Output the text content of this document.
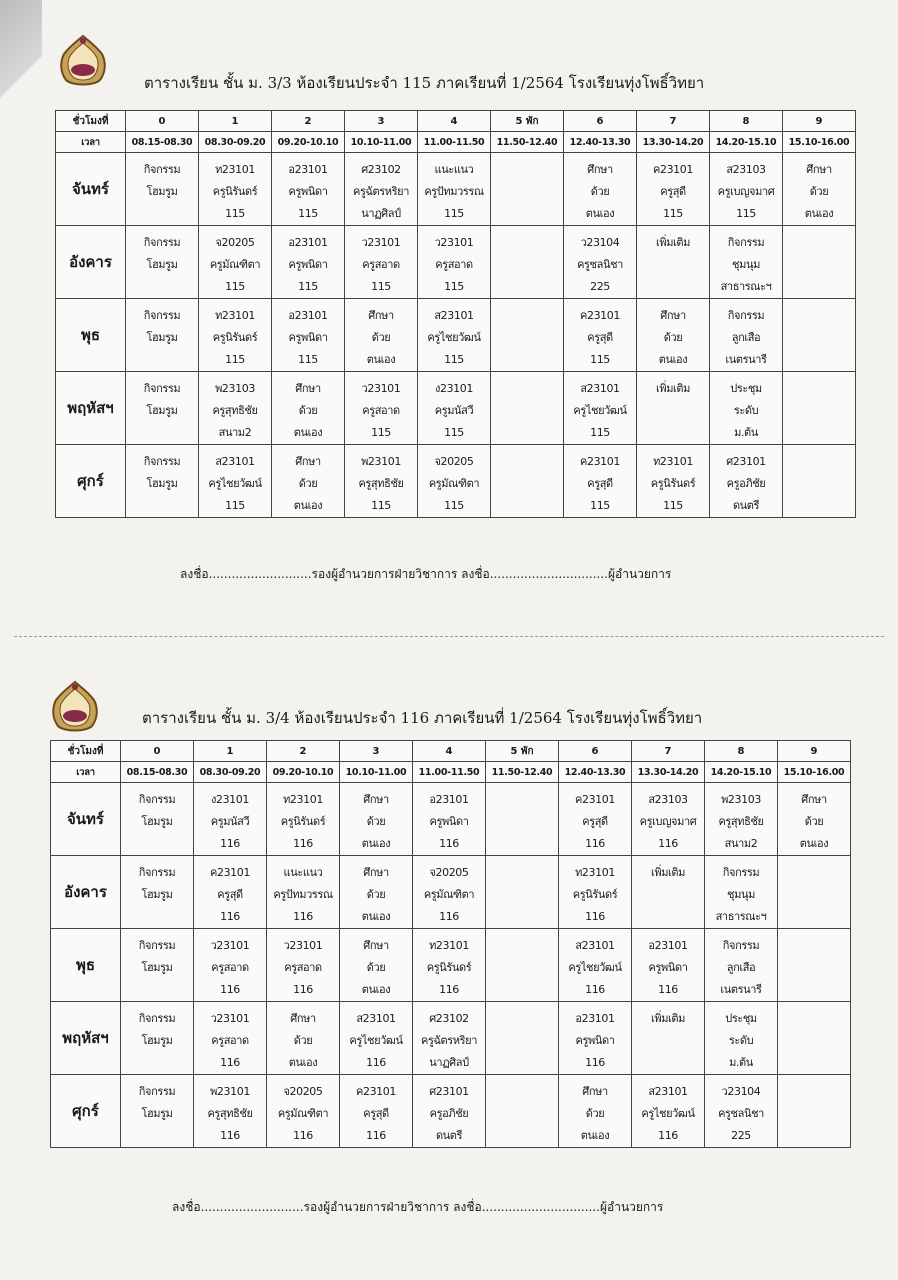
ตารางเรียน ชั้น ม. 3/3 ห้องเรียนประจำ 115 ภาคเรียนที่ 1/2564 โรงเรียนทุ่งโพธิ์วิทยา
ชั่วโมงที่	0	1	2	3	4	5 พัก	6	7	8	9
เวลา	08.15-08.30	08.30-09.20	09.20-10.10	10.10-11.00	11.00-11.50	11.50-12.40	12.40-13.30	13.30-14.20	14.20-15.10	15.10-16.00
จันทร์	กิจกรรม
โฮมรูม	ท23101
ครูนิรันดร์
115	อ23101
ครูพนิดา
115	ศ23102
ครูฉัตรหริยา
นาฏศิลป์	แนะแนว
ครูปัทมวรรณ
115		ศึกษา
ด้วย
ตนเอง	ค23101
ครูสุดี
115	ส23103
ครูเบญจมาศ
115	ศึกษา
ด้วย
ตนเอง

อังคาร	กิจกรรม
โฮมรูม	จ20205
ครูมัณฑิตา
115	อ23101
ครูพนิดา
115	ว23101
ครูสอาด
115	ว23101
ครูสอาด
115		ว23104
ครูชลนิชา
225	เพิ่มเติม	กิจกรรม
ชุมนุม
สาธารณะฯ	

พุธ	กิจกรรม
โฮมรูม	ท23101
ครูนิรันดร์
115	อ23101
ครูพนิดา
115	ศึกษา
ด้วย
ตนเอง	ส23101
ครูไชยวัฒน์
115		ค23101
ครูสุดี
115	ศึกษา
ด้วย
ตนเอง	กิจกรรม
ลูกเสือ
เนตรนารี	

พฤหัสฯ	กิจกรรม
โฮมรูม	พ23103
ครูสุทธิชัย
สนาม2	ศึกษา
ด้วย
ตนเอง	ว23101
ครูสอาด
115	ง23101
ครูมนัสวี
115		ส23101
ครูไชยวัฒน์
115	เพิ่มเติม	ประชุม
ระดับ
ม.ต้น	

ศุกร์	กิจกรรม
โฮมรูม	ส23101
ครูไชยวัฒน์
115	ศึกษา
ด้วย
ตนเอง	พ23101
ครูสุทธิชัย
115	จ20205
ครูมัณฑิตา
115		ค23101
ครูสุดี
115	ท23101
ครูนิรันดร์
115	ศ23101
ครูอภิชัย
ดนตรี	

ลงชื่อ...........................รองผู้อำนวยการฝ่ายวิชาการ ลงชื่อ...............................ผู้อำนวยการ
ตารางเรียน ชั้น ม. 3/4 ห้องเรียนประจำ 116 ภาคเรียนที่ 1/2564 โรงเรียนทุ่งโพธิ์วิทยา
ชั่วโมงที่	0	1	2	3	4	5 พัก	6	7	8	9
เวลา	08.15-08.30	08.30-09.20	09.20-10.10	10.10-11.00	11.00-11.50	11.50-12.40	12.40-13.30	13.30-14.20	14.20-15.10	15.10-16.00
จันทร์	กิจกรรม
โฮมรูม	ง23101
ครูมนัสวี
116	ท23101
ครูนิรันดร์
116	ศึกษา
ด้วย
ตนเอง	อ23101
ครูพนิดา
116		ค23101
ครูสุดี
116	ส23103
ครูเบญจมาศ
116	พ23103
ครูสุทธิชัย
สนาม2	ศึกษา
ด้วย
ตนเอง

อังคาร	กิจกรรม
โฮมรูม	ค23101
ครูสุดี
116	แนะแนว
ครูปัทมวรรณ
116	ศึกษา
ด้วย
ตนเอง	จ20205
ครูมัณฑิตา
116		ท23101
ครูนิรันดร์
116	เพิ่มเติม	กิจกรรม
ชุมนุม
สาธารณะฯ	

พุธ	กิจกรรม
โฮมรูม	ว23101
ครูสอาด
116	ว23101
ครูสอาด
116	ศึกษา
ด้วย
ตนเอง	ท23101
ครูนิรันดร์
116		ส23101
ครูไชยวัฒน์
116	อ23101
ครูพนิดา
116	กิจกรรม
ลูกเสือ
เนตรนารี	

พฤหัสฯ	กิจกรรม
โฮมรูม	ว23101
ครูสอาด
116	ศึกษา
ด้วย
ตนเอง	ส23101
ครูไชยวัฒน์
116	ศ23102
ครูฉัตรหริยา
นาฏศิลป์		อ23101
ครูพนิดา
116	เพิ่มเติม	ประชุม
ระดับ
ม.ต้น	

ศุกร์	กิจกรรม
โฮมรูม	พ23101
ครูสุทธิชัย
116	จ20205
ครูมัณฑิตา
116	ค23101
ครูสุดี
116	ศ23101
ครูอภิชัย
ดนตรี		ศึกษา
ด้วย
ตนเอง	ส23101
ครูไชยวัฒน์
116	ว23104
ครูชลนิชา
225	

ลงชื่อ...........................รองผู้อำนวยการฝ่ายวิชาการ ลงชื่อ...............................ผู้อำนวยการ
